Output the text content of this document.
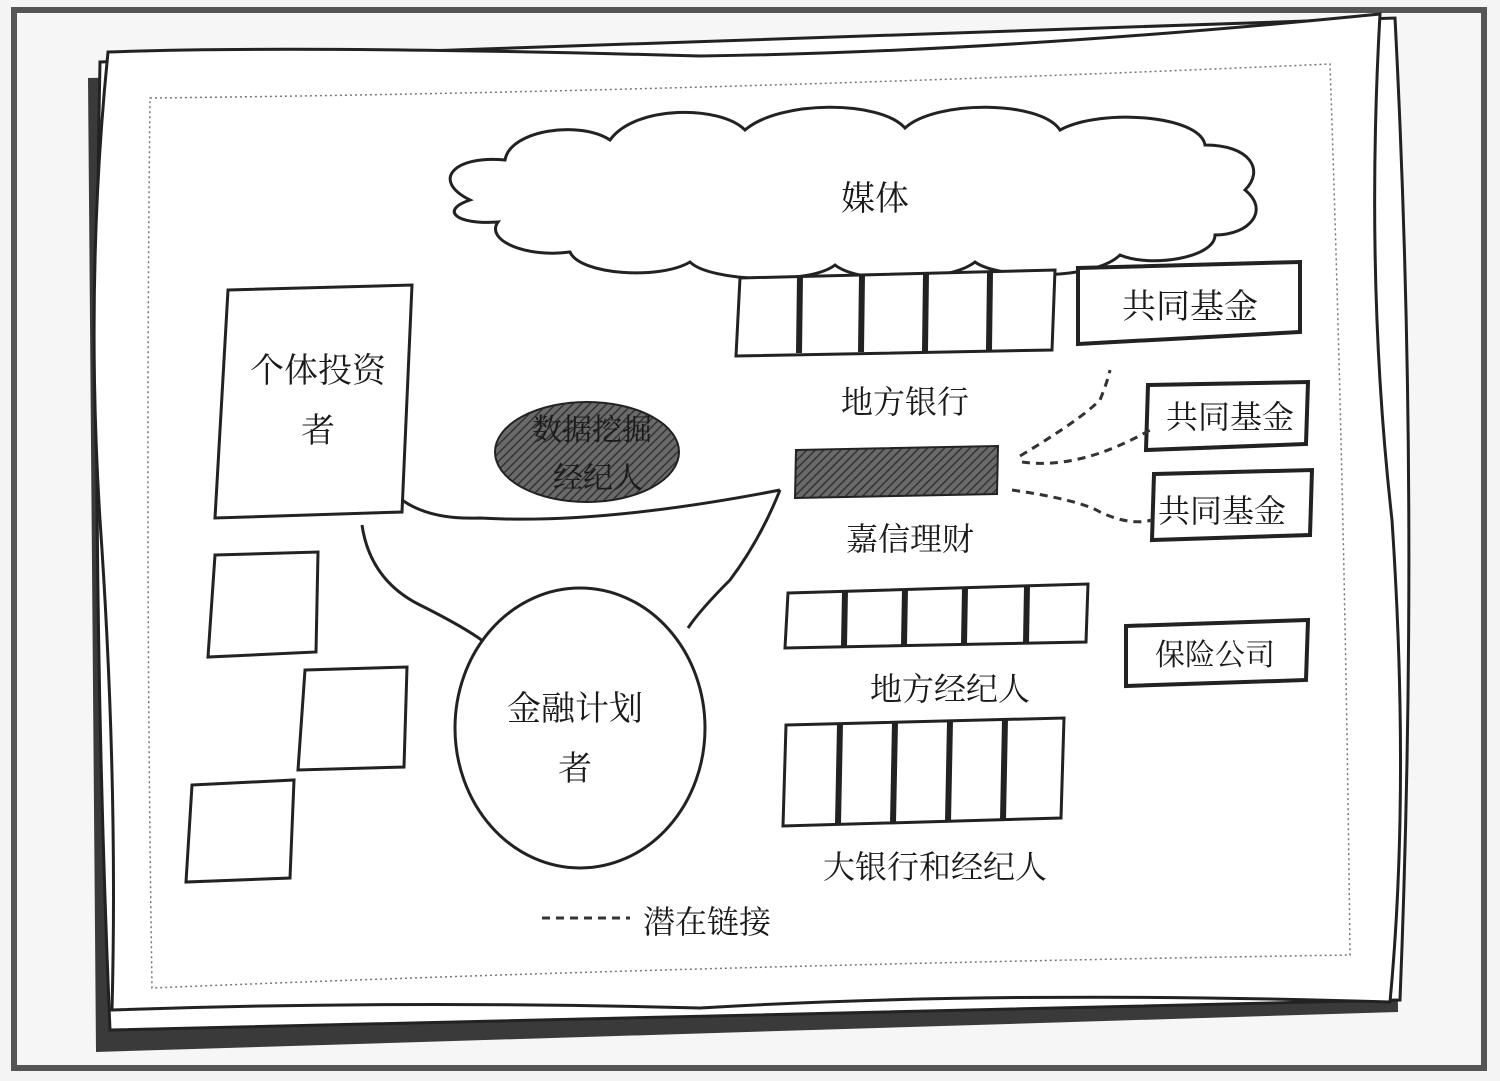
媒体
个体投资
者	数据挖掘
经纪人
金融计划
者
地方银行
嘉信理财
地方经纪人
大银行和经纪人
共同基金
共同基金
共同基金
保险公司
潜在链接
